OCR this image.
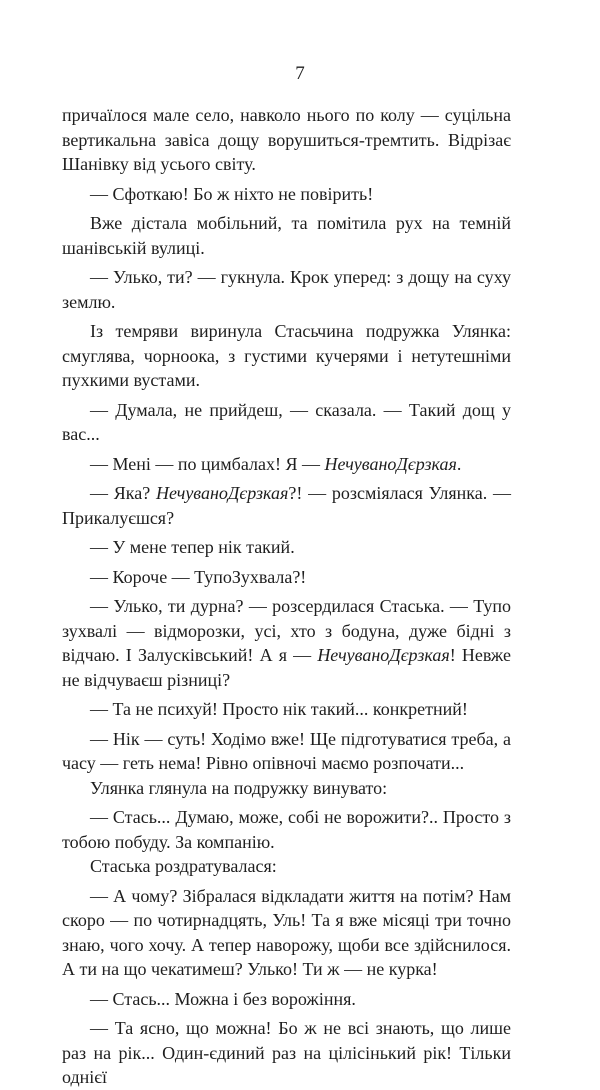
7

причаїлося мале село, навколо нього по колу — суцільна вертикальна завіса дощу ворушиться-тремтить. Відрізає Шанівку від усього світу.

— Сфоткаю! Бо ж ніхто не повірить!

Вже дістала мобільний, та помітила рух на темній шанівській вулиці.

— Улько, ти? — гукнула. Крок уперед: з дощу на суху землю.

Із темряви виринула Стасьчина подружка Улянка: смуглява, чорноока, з густими кучерями і нетутешніми пухкими вустами.

— Думала, не прийдеш, — сказала. — Такий дощ у вас...

— Мені — по цимбалах! Я — НечуваноДєрзкая.

— Яка? НечуваноДєрзкая?! — розсміялася Улянка. — Прикалуєшся?

— У мене тепер нік такий.

— Короче — ТупоЗухвала?!

— Улько, ти дурна? — розсердилася Стаська. — Тупо зухвалі — відморозки, усі, хто з бодуна, дуже бідні з відчаю. І Залусківський! А я — НечуваноДєрзкая! Невже не відчуваєш різниці?

— Та не психуй! Просто нік такий... конкретний!

— Нік — суть! Ходімо вже! Ще підготуватися треба, а часу — геть нема! Рівно опівночі маємо розпочати...

Улянка глянула на подружку винувато:

— Стась... Думаю, може, собі не ворожити?.. Просто з тобою побуду. За компанію.

Стаська роздратувалася:

— А чому? Зібралася відкладати життя на потім? Нам скоро — по чотирнадцять, Уль! Та я вже місяці три точно знаю, чого хочу. А тепер наворожу, щоби все здійснилося. А ти на що чекатимеш? Улько! Ти ж — не курка!

— Стась... Можна і без ворожіння.

— Та ясно, що можна! Бо ж не всі знають, що лише раз на рік... Один-єдиний раз на цілісінький рік! Тільки однієї
